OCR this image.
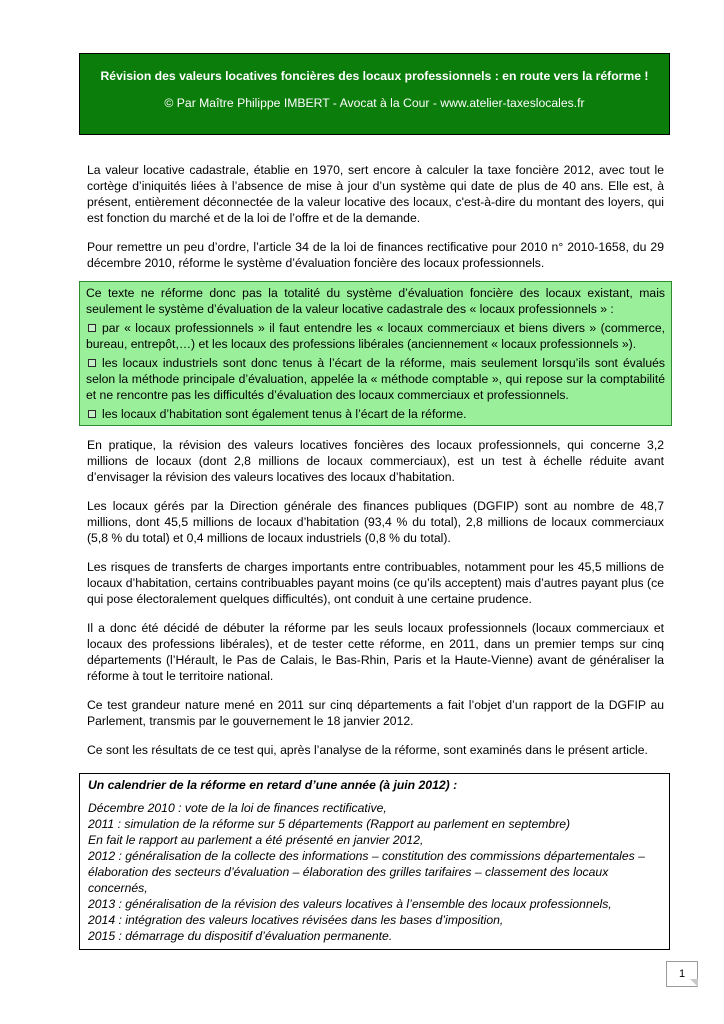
Révision des valeurs locatives foncières des locaux professionnels : en route vers la réforme !
© Par Maître Philippe IMBERT - Avocat à la Cour - www.atelier-taxeslocales.fr

La valeur locative cadastrale, établie en 1970, sert encore à calculer la taxe foncière 2012, avec tout le cortège d’iniquités liées à l’absence de mise à jour d’un système qui date de plus de 40 ans. Elle est, à présent, entièrement déconnectée de la valeur locative des locaux, c'est-à-dire du montant des loyers, qui est fonction du marché et de la loi de l’offre et de la demande.

Pour remettre un peu d’ordre, l’article 34 de la loi de finances rectificative pour 2010 n° 2010-1658, du 29 décembre 2010, réforme le système d’évaluation foncière des locaux professionnels.

Ce texte ne réforme donc pas la totalité du système d’évaluation foncière des locaux existant, mais seulement le système d’évaluation de la valeur locative cadastrale des « locaux professionnels » :

par « locaux professionnels » il faut entendre les « locaux commerciaux et biens divers » (commerce, bureau, entrepôt,…) et les locaux des professions libérales (anciennement « locaux professionnels »).

les locaux industriels sont donc tenus à l’écart de la réforme, mais seulement lorsqu’ils sont évalués selon la méthode principale d’évaluation, appelée la « méthode comptable », qui repose sur la comptabilité et ne rencontre pas les difficultés d’évaluation des locaux commerciaux et professionnels.

les locaux d’habitation sont également tenus à l’écart de la réforme.

En pratique, la révision des valeurs locatives foncières des locaux professionnels, qui concerne 3,2 millions de locaux (dont 2,8 millions de locaux commerciaux), est un test à échelle réduite avant d’envisager la révision des valeurs locatives des locaux d’habitation.

Les locaux gérés par la Direction générale des finances publiques (DGFIP) sont au nombre de 48,7 millions, dont 45,5 millions de locaux d’habitation (93,4 % du total), 2,8 millions de locaux commerciaux (5,8 % du total) et 0,4 millions de locaux industriels (0,8 % du total).

Les risques de transferts de charges importants entre contribuables, notamment pour les 45,5 millions de locaux d’habitation, certains contribuables payant moins (ce qu’ils acceptent) mais d’autres payant plus (ce qui pose électoralement quelques difficultés), ont conduit à une certaine prudence.

Il a donc été décidé de débuter la réforme par les seuls locaux professionnels (locaux commerciaux et locaux des professions libérales), et de tester cette réforme, en 2011, dans un premier temps sur cinq départements (l’Hérault, le Pas de Calais, le Bas-Rhin, Paris et la Haute-Vienne) avant de généraliser la réforme à tout le territoire national.

Ce test grandeur nature mené en 2011 sur cinq départements a fait l’objet d’un rapport de la DGFIP au Parlement, transmis par le gouvernement le 18 janvier 2012.

Ce sont les résultats de ce test qui, après l’analyse de la réforme, sont examinés dans le présent article.

Un calendrier de la réforme en retard d’une année (à juin 2012) :

Décembre 2010 : vote de la loi de finances rectificative,

2011 : simulation de la réforme sur 5 départements (Rapport au parlement en septembre)

En fait le rapport au parlement a été présenté en janvier 2012,

2012 : généralisation de la collecte des informations – constitution des commissions départementales – élaboration des secteurs d’évaluation – élaboration des grilles tarifaires – classement des locaux concernés,

2013 : généralisation de la révision des valeurs locatives à l’ensemble des locaux professionnels,

2014 : intégration des valeurs locatives révisées dans les bases d’imposition,

2015 : démarrage du dispositif d’évaluation permanente.

1
